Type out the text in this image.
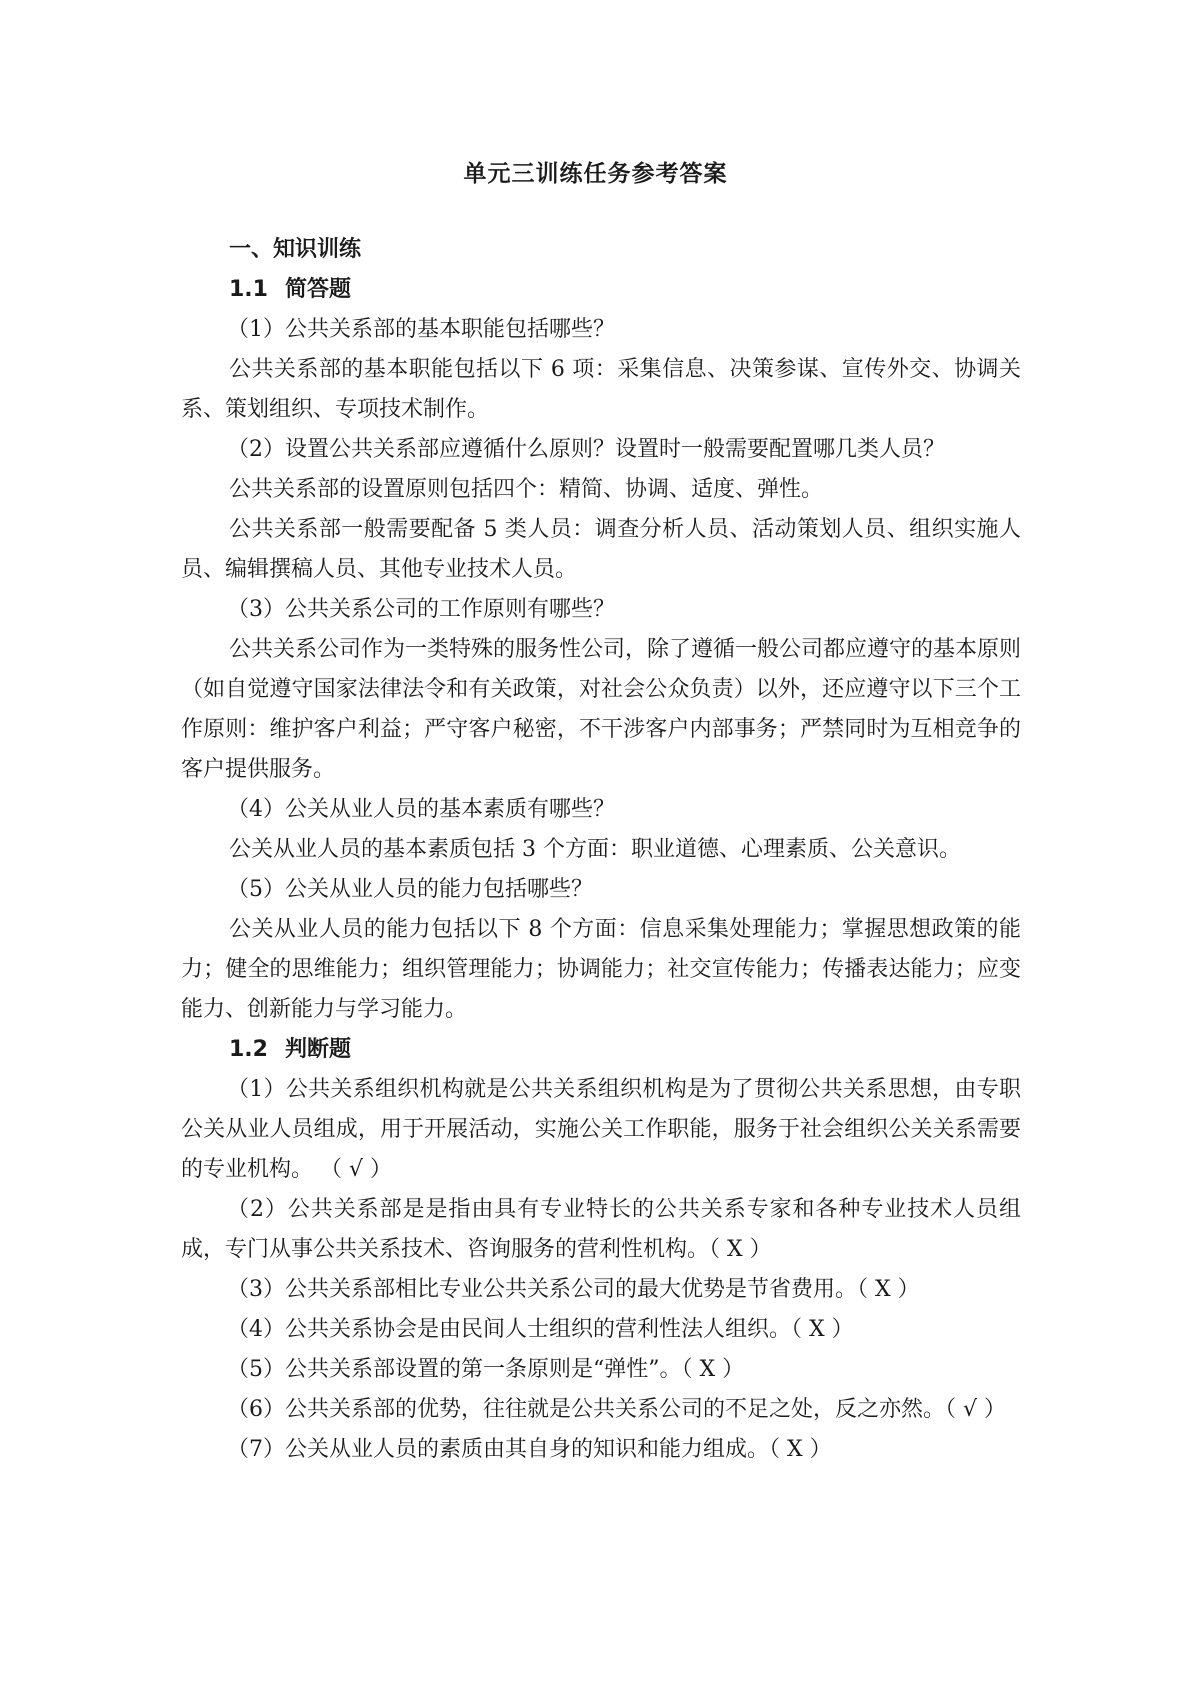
单元三训练任务参考答案
一、知识训练
1.1 简答题
（1）公共关系部的基本职能包括哪些？
公共关系部的基本职能包括以下 6 项：采集信息、决策参谋、宣传外交、协调关系、策划组织、专项技术制作。
（2）设置公共关系部应遵循什么原则？设置时一般需要配置哪几类人员？
公共关系部的设置原则包括四个：精简、协调、适度、弹性。
公共关系部一般需要配备 5 类人员：调查分析人员、活动策划人员、组织实施人员、编辑撰稿人员、其他专业技术人员。
（3）公共关系公司的工作原则有哪些？
公共关系公司作为一类特殊的服务性公司，除了遵循一般公司都应遵守的基本原则（如自觉遵守国家法律法令和有关政策，对社会公众负责）以外，还应遵守以下三个工作原则：维护客户利益；严守客户秘密，不干涉客户内部事务；严禁同时为互相竞争的客户提供服务。
（4）公关从业人员的基本素质有哪些？
公关从业人员的基本素质包括 3 个方面：职业道德、心理素质、公关意识。
（5）公关从业人员的能力包括哪些？
公关从业人员的能力包括以下 8 个方面：信息采集处理能力；掌握思想政策的能力；健全的思维能力；组织管理能力；协调能力；社交宣传能力；传播表达能力；应变能力、创新能力与学习能力。
1.2 判断题
（1）公共关系组织机构就是公共关系组织机构是为了贯彻公共关系思想，由专职公关从业人员组成，用于开展活动，实施公关工作职能，服务于社会组织公关关系需要的专业机构。 （ √ ）
（2）公共关系部是是指由具有专业特长的公共关系专家和各种专业技术人员组成，专门从事公共关系技术、咨询服务的营利性机构。（ X ）
（3）公共关系部相比专业公共关系公司的最大优势是节省费用。（ X ）
（4）公共关系协会是由民间人士组织的营利性法人组织。（ X ）
（5）公共关系部设置的第一条原则是“弹性”。（ X ）
（6）公共关系部的优势，往往就是公共关系公司的不足之处，反之亦然。（ √ ）
（7）公关从业人员的素质由其自身的知识和能力组成。（ X ）
